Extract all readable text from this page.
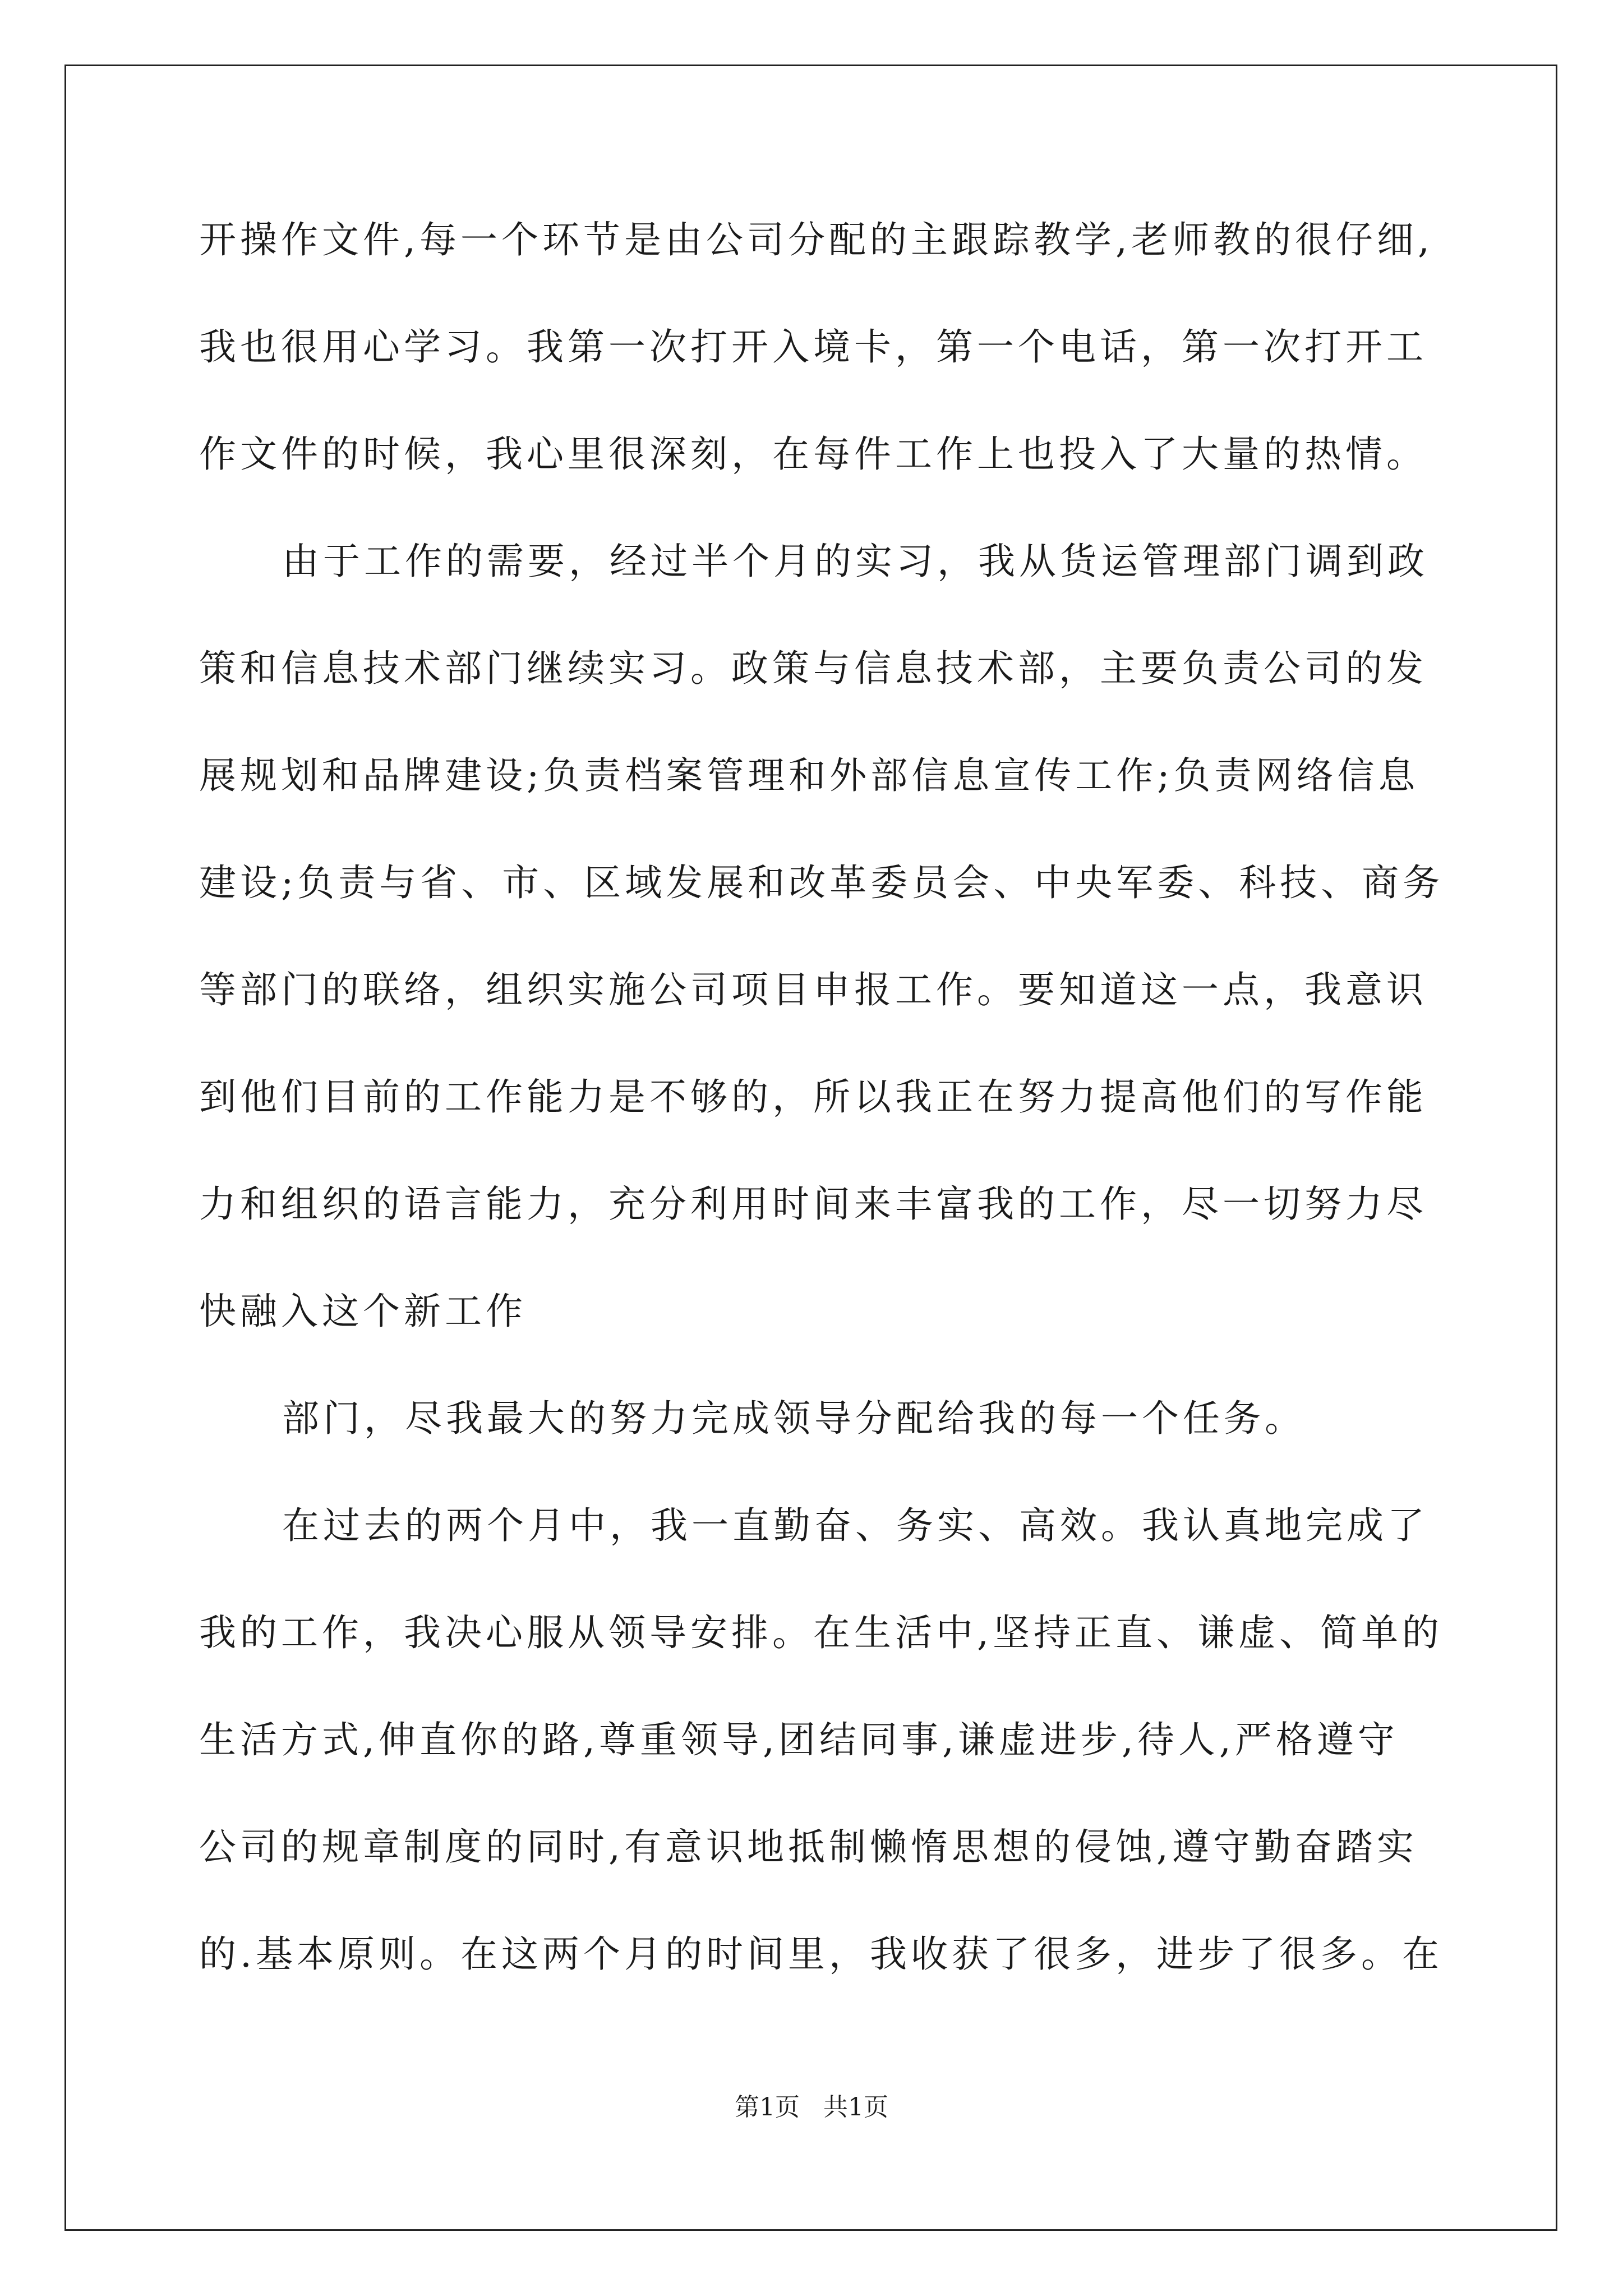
开操作文件,每一个环节是由公司分配的主跟踪教学,老师教的很仔细,
我也很用心学习。我第一次打开入境卡，第一个电话，第一次打开工
作文件的时候，我心里很深刻，在每件工作上也投入了大量的热情。
由于工作的需要，经过半个月的实习，我从货运管理部门调到政
策和信息技术部门继续实习。政策与信息技术部，主要负责公司的发
展规划和品牌建设;负责档案管理和外部信息宣传工作;负责网络信息
建设;负责与省、市、区域发展和改革委员会、中央军委、科技、商务
等部门的联络，组织实施公司项目申报工作。要知道这一点，我意识
到他们目前的工作能力是不够的，所以我正在努力提高他们的写作能
力和组织的语言能力，充分利用时间来丰富我的工作，尽一切努力尽
快融入这个新工作
部门，尽我最大的努力完成领导分配给我的每一个任务。
在过去的两个月中，我一直勤奋、务实、高效。我认真地完成了
我的工作，我决心服从领导安排。在生活中,坚持正直、谦虚、简单的
生活方式,伸直你的路,尊重领导,团结同事,谦虚进步,待人,严格遵守
公司的规章制度的同时,有意识地抵制懒惰思想的侵蚀,遵守勤奋踏实
的.基本原则。在这两个月的时间里，我收获了很多，进步了很多。在
第1页   共1页
